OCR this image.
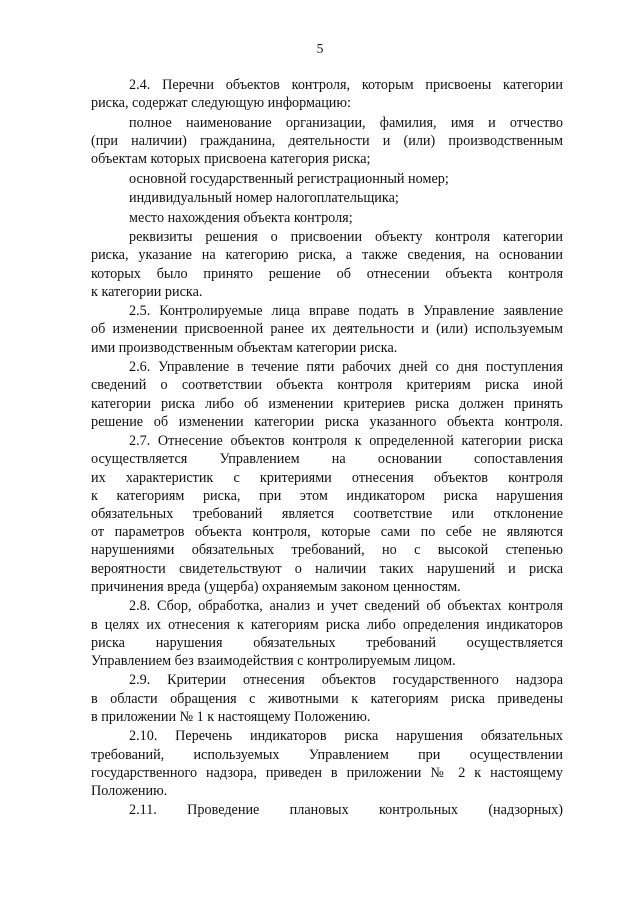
5

2.4. Перечни объектов контроля, которым присвоены категории
риска, содержат следующую информацию:

полное наименование организации, фамилия, имя и отчество
(при наличии) гражданина, деятельности и (или) производственным
объектам которых присвоена категория риска;

основной государственный регистрационный номер;

индивидуальный номер налогоплательщика;

место нахождения объекта контроля;

реквизиты решения о присвоении объекту контроля категории
риска, указание на категорию риска, а также сведения, на основании
которых было принято решение об отнесении объекта контроля
к категории риска.

2.5. Контролируемые лица вправе подать в Управление заявление
об изменении присвоенной ранее их деятельности и (или) используемым
ими производственным объектам категории риска.

2.6. Управление в течение пяти рабочих дней со дня поступления
сведений о соответствии объекта контроля критериям риска иной
категории риска либо об изменении критериев риска должен принять
решение об изменении категории риска указанного объекта контроля.

2.7. Отнесение объектов контроля к определенной категории риска
осуществляется Управлением на основании сопоставления
их характеристик с критериями отнесения объектов контроля
к категориям риска, при этом индикатором риска нарушения
обязательных требований является соответствие или отклонение
от параметров объекта контроля, которые сами по себе не являются
нарушениями обязательных требований, но с высокой степенью
вероятности свидетельствуют о наличии таких нарушений и риска
причинения вреда (ущерба) охраняемым законом ценностям.

2.8. Сбор, обработка, анализ и учет сведений об объектах контроля
в целях их отнесения к категориям риска либо определения индикаторов
риска нарушения обязательных требований осуществляется
Управлением без взаимодействия с контролируемым лицом.

2.9. Критерии отнесения объектов государственного надзора
в области обращения с животными к категориям риска приведены
в приложении № 1 к настоящему Положению.

2.10. Перечень индикаторов риска нарушения обязательных
требований, используемых Управлением при осуществлении
государственного надзора, приведен в приложении № 2 к настоящему
Положению.

2.11. Проведение плановых контрольных (надзорных)
